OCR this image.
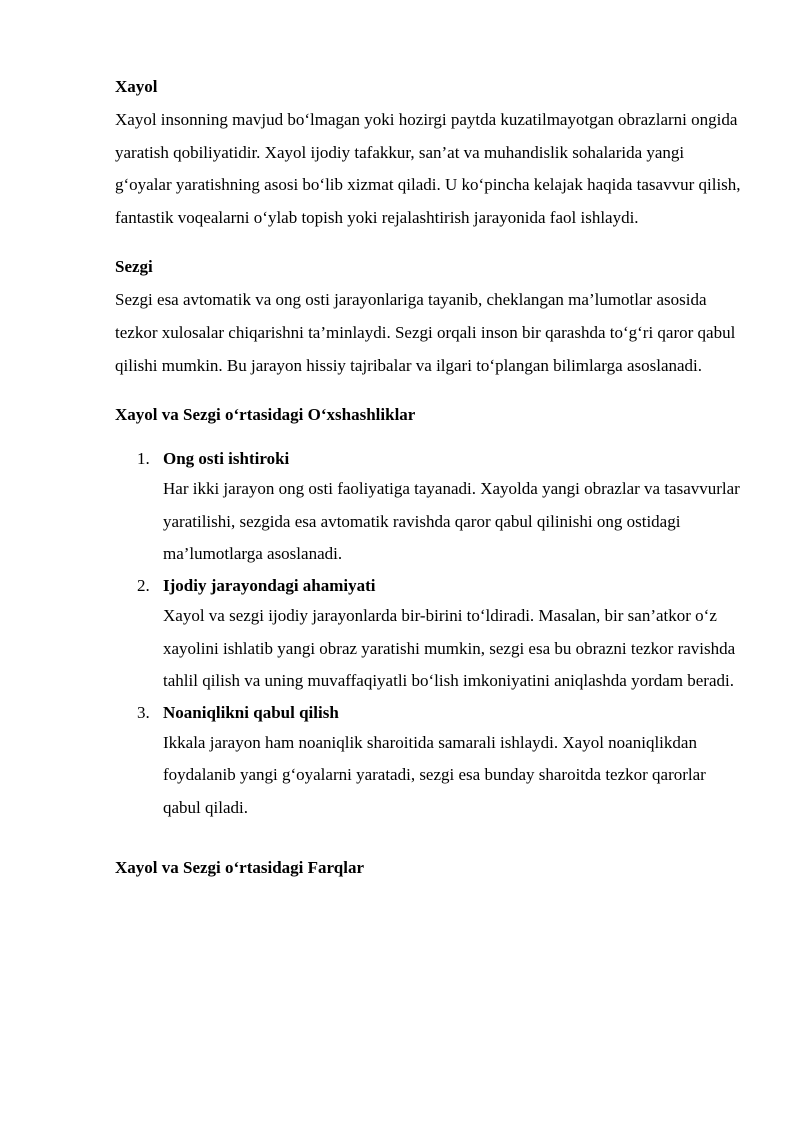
Xayol

Xayol insonning mavjud bo‘lmagan yoki hozirgi paytda kuzatilmayotgan obrazlarni ongida yaratish qobiliyatidir. Xayol ijodiy tafakkur, san’at va muhandislik sohalarida yangi g‘oyalar yaratishning asosi bo‘lib xizmat qiladi. U ko‘pincha kelajak haqida tasavvur qilish, fantastik voqealarni o‘ylab topish yoki rejalashtirish jarayonida faol ishlaydi.

Sezgi

Sezgi esa avtomatik va ong osti jarayonlariga tayanib, cheklangan ma’lumotlar asosida tezkor xulosalar chiqarishni ta’minlaydi. Sezgi orqali inson bir qarashda to‘g‘ri qaror qabul qilishi mumkin. Bu jarayon hissiy tajribalar va ilgari to‘plangan bilimlarga asoslanadi.

Xayol va Sezgi o‘rtasidagi O‘xshashliklar

1. Ong osti ishtiroki

Har ikki jarayon ong osti faoliyatiga tayanadi. Xayolda yangi obrazlar va tasavvurlar yaratilishi, sezgida esa avtomatik ravishda qaror qabul qilinishi ong ostidagi ma’lumotlarga asoslanadi.

2. Ijodiy jarayondagi ahamiyati

Xayol va sezgi ijodiy jarayonlarda bir-birini to‘ldiradi. Masalan, bir san’atkor o‘z xayolini ishlatib yangi obraz yaratishi mumkin, sezgi esa bu obrazni tezkor ravishda tahlil qilish va uning muvaffaqiyatli bo‘lish imkoniyatini aniqlashda yordam beradi.

3. Noaniqlikni qabul qilish

Ikkala jarayon ham noaniqlik sharoitida samarali ishlaydi. Xayol noaniqlikdan foydalanib yangi g‘oyalarni yaratadi, sezgi esa bunday sharoitda tezkor qarorlar qabul qiladi.

Xayol va Sezgi o‘rtasidagi Farqlar
